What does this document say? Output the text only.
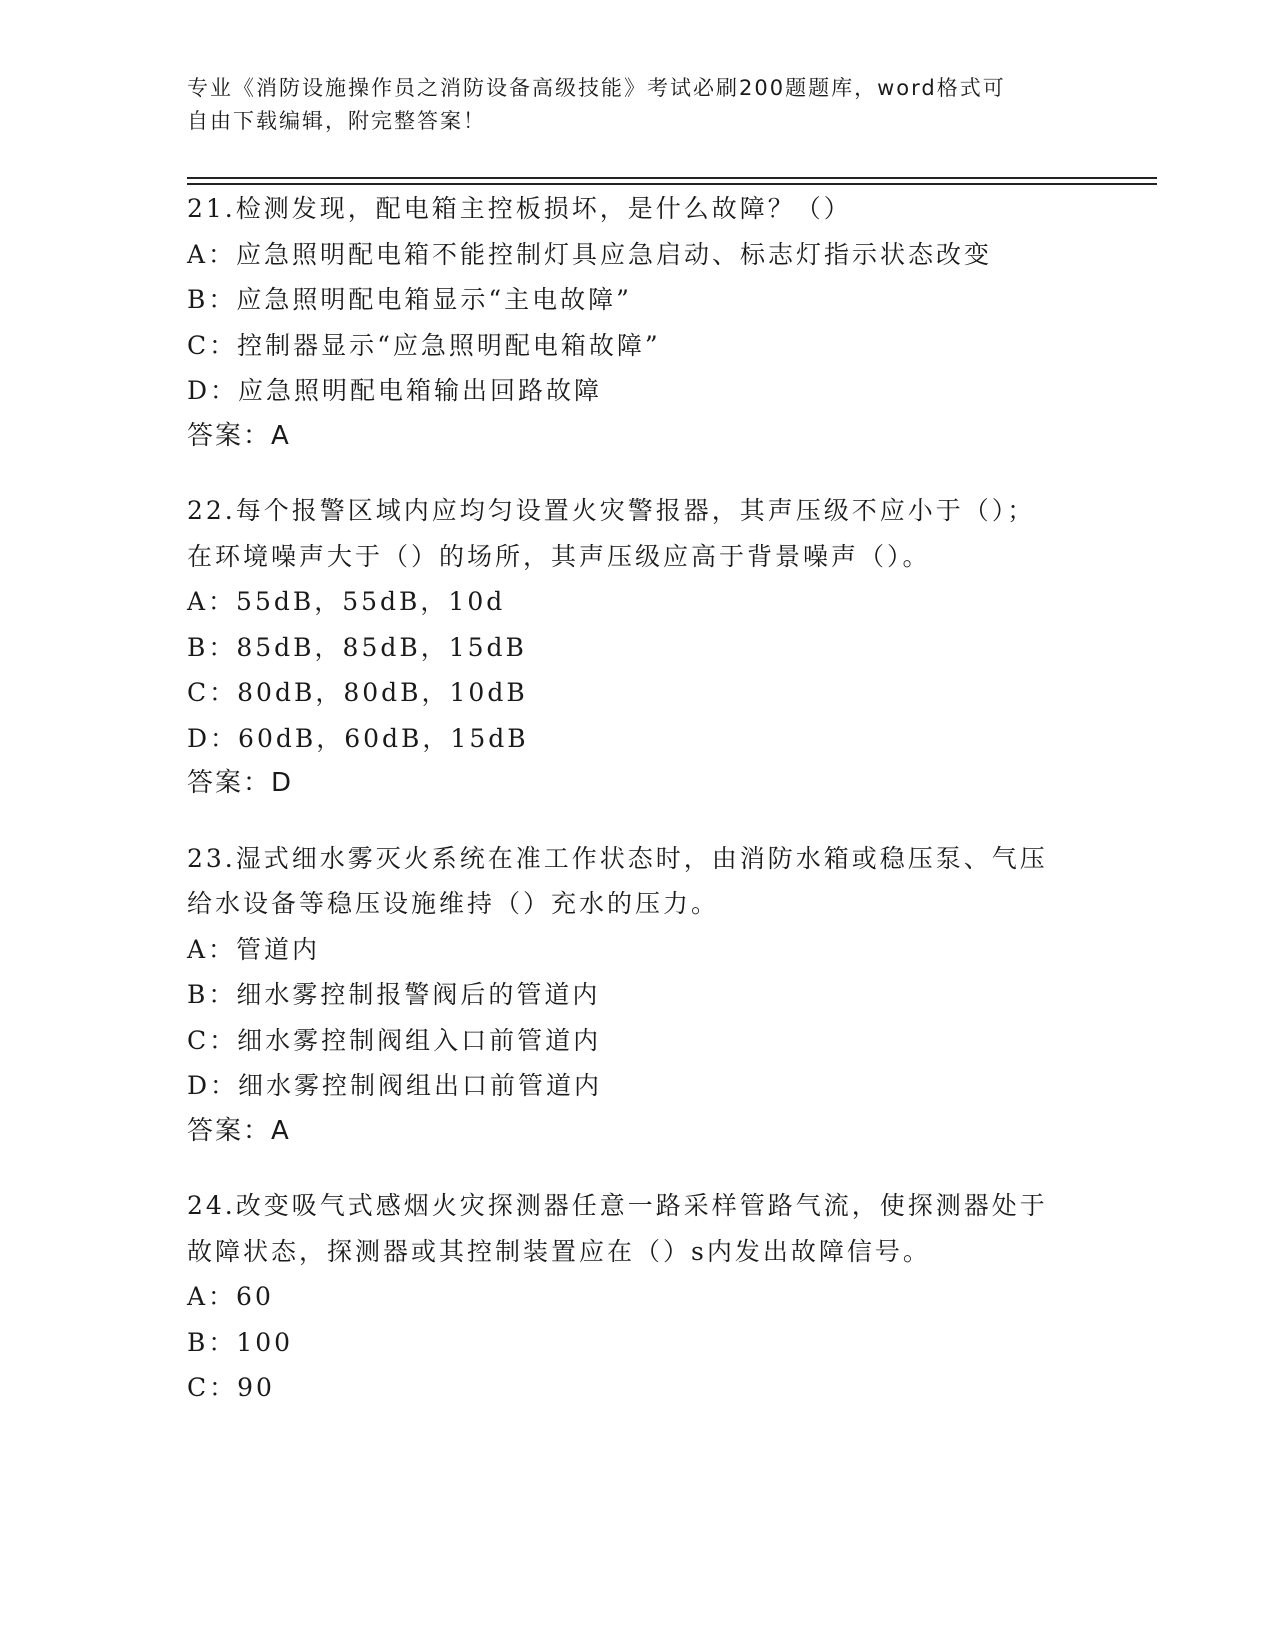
专业《消防设施操作员之消防设备高级技能》考试必刷200题题库，word格式可
自由下载编辑，附完整答案！
21.检测发现，配电箱主控板损坏，是什么故障？（）
A：应急照明配电箱不能控制灯具应急启动、标志灯指示状态改变
B：应急照明配电箱显示“主电故障”
C：控制器显示“应急照明配电箱故障”
D：应急照明配电箱输出回路故障
答案：A
22.每个报警区域内应均匀设置火灾警报器，其声压级不应小于（）；
在环境噪声大于（）的场所，其声压级应高于背景噪声（）。
A：55dB，55dB，10d
B：85dB，85dB，15dB
C：80dB，80dB，10dB
D：60dB，60dB，15dB
答案：D
23.湿式细水雾灭火系统在准工作状态时，由消防水箱或稳压泵、气压
给水设备等稳压设施维持（）充水的压力。
A：管道内
B：细水雾控制报警阀后的管道内
C：细水雾控制阀组入口前管道内
D：细水雾控制阀组出口前管道内
答案：A
24.改变吸气式感烟火灾探测器任意一路采样管路气流，使探测器处于
故障状态，探测器或其控制装置应在（）s内发出故障信号。
A：60
B：100
C：90
